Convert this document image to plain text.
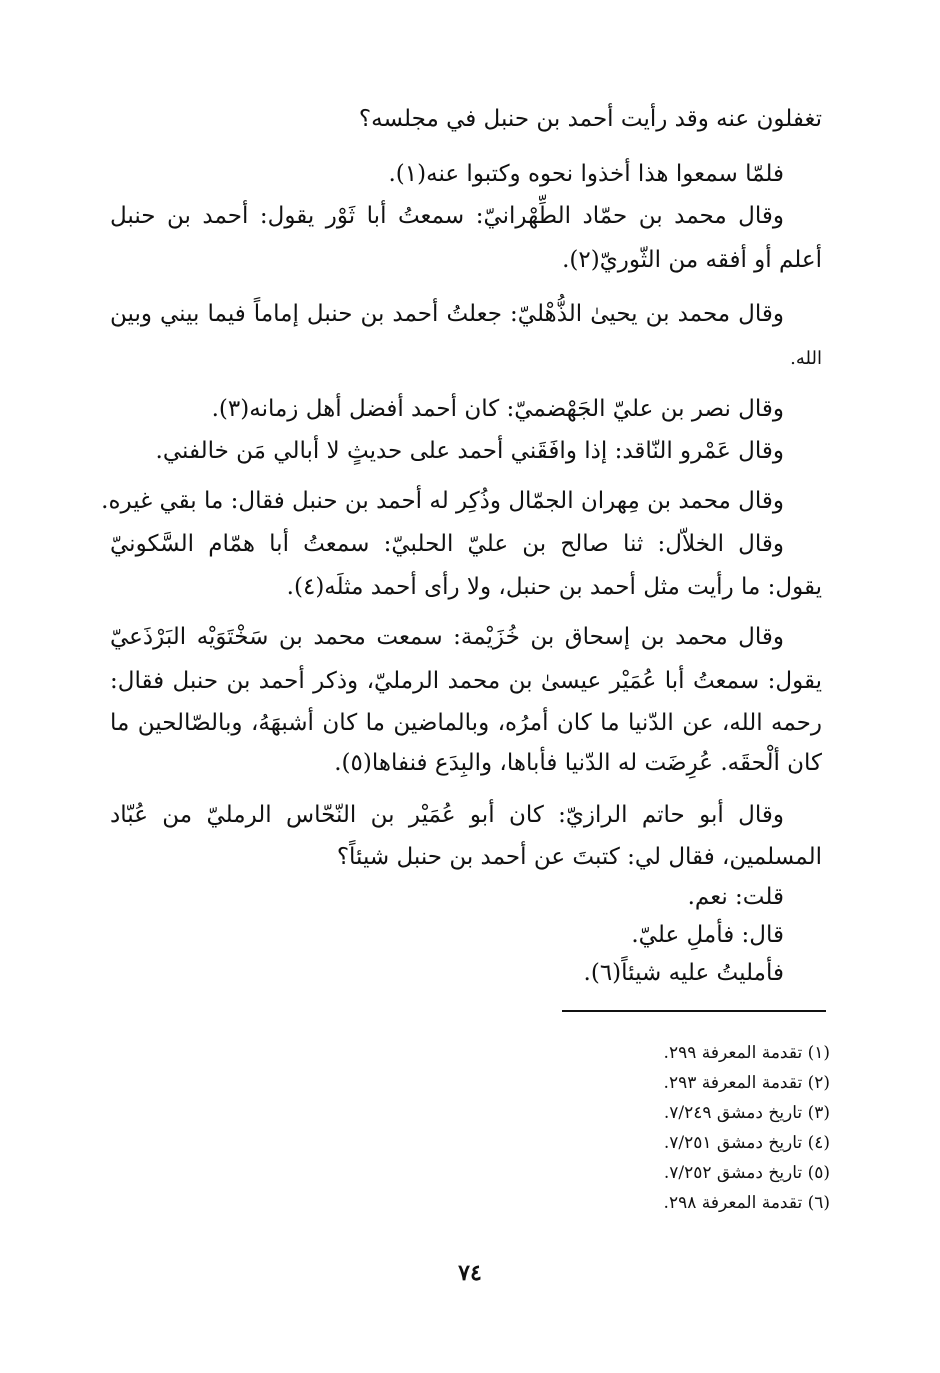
تغفلون عنه وقد رأيت أحمد بن حنبل في مجلسه؟
فلمّا سمعوا هذا أخذوا نحوه وكتبوا عنه(١).
وقال محمد بن حمّاد الطِّهْرانيّ: سمعتُ أبا ثَوْر يقول: أحمد بن حنبل
أعلم أو أفقه من الثّوريّ(٢).
وقال محمد بن يحيىٰ الذُّهْليّ: جعلتُ أحمد بن حنبل إماماً فيما بيني وبين
الله.
وقال نصر بن عليّ الجَهْضميّ: كان أحمد أفضل أهل زمانه(٣).
وقال عَمْرو النّاقد: إذا وافَقَني أحمد على حديثٍ لا أبالي مَن خالفني.
وقال محمد بن مِهران الجمّال وذُكِر له أحمد بن حنبل فقال: ما بقي غيره.
وقال الخلاّل: ثنا صالح بن عليّ الحلبيّ: سمعتُ أبا همّام السَّكونيّ
يقول: ما رأيت مثل أحمد بن حنبل، ولا رأى أحمد مثلَه(٤).
وقال محمد بن إسحاق بن خُزَيْمة: سمعت محمد بن سَخْتَوَيْه البَرْذَعيّ
يقول: سمعتُ أبا عُمَيْر عيسىٰ بن محمد الرمليّ، وذكر أحمد بن حنبل فقال:
رحمه الله، عن الدّنيا ما كان أمرُه، وبالماضين ما كان أشبهَهُ، وبالصّالحين ما
كان ألْحقَه. عُرِضَت له الدّنيا فأباها، والبِدَع فنفاها(٥).
وقال أبو حاتم الرازيّ: كان أبو عُمَيْر بن النّحّاس الرمليّ من عُبّاد
المسلمين، فقال لي: كتبتَ عن أحمد بن حنبل شيئاً؟
قلت: نعم.
قال: فأملِ عليّ.
فأمليتُ عليه شيئاً(٦).
(١) تقدمة المعرفة ٢٩٩.
(٢) تقدمة المعرفة ٢٩٣.
(٣) تاريخ دمشق ٧/٢٤٩.
(٤) تاريخ دمشق ٧/٢٥١.
(٥) تاريخ دمشق ٧/٢٥٢.
(٦) تقدمة المعرفة ٢٩٨.
٧٤
